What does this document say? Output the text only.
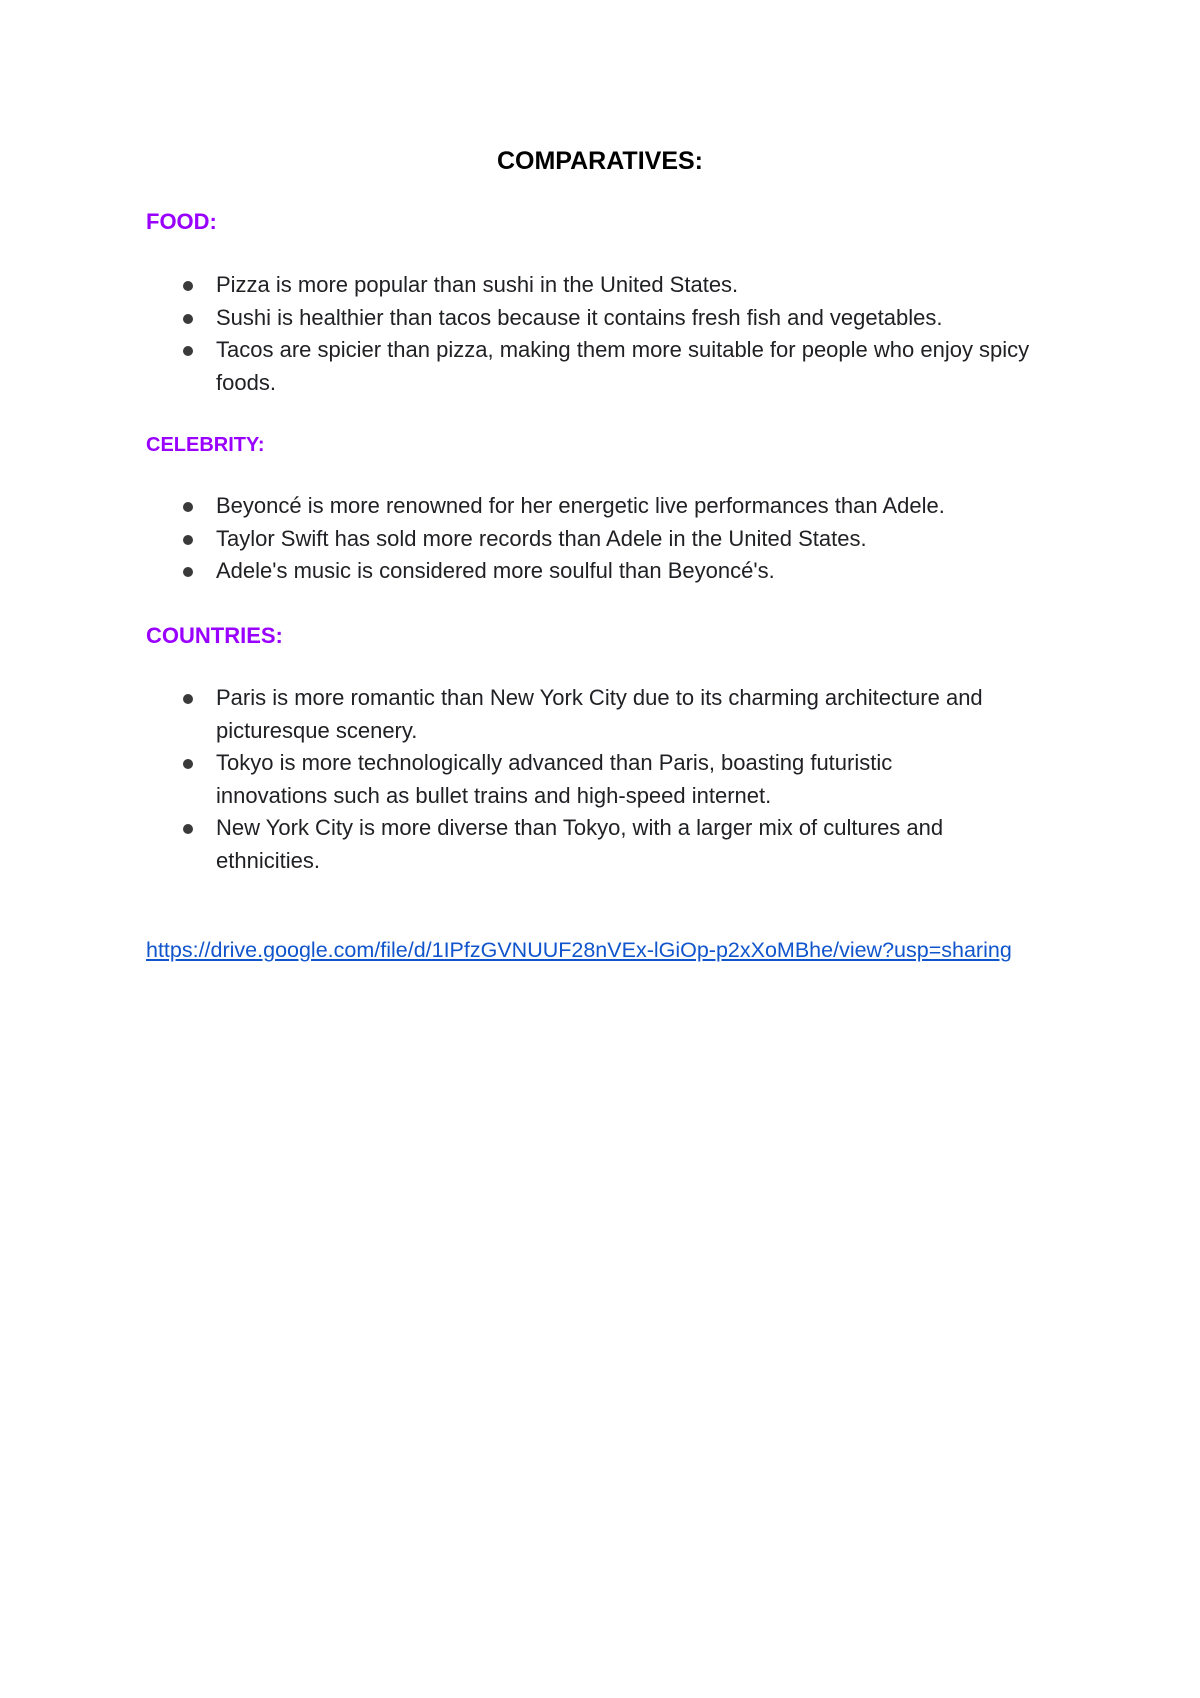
COMPARATIVES:
FOOD:
Pizza is more popular than sushi in the United States.
Sushi is healthier than tacos because it contains fresh fish and vegetables.
Tacos are spicier than pizza, making them more suitable for people who enjoy spicy foods.
CELEBRITY:
Beyoncé is more renowned for her energetic live performances than Adele.
Taylor Swift has sold more records than Adele in the United States.
Adele's music is considered more soulful than Beyoncé's.
COUNTRIES:
Paris is more romantic than New York City due to its charming architecture and picturesque scenery.
Tokyo is more technologically advanced than Paris, boasting futuristic innovations such as bullet trains and high-speed internet.
New York City is more diverse than Tokyo, with a larger mix of cultures and ethnicities.
https://drive.google.com/file/d/1IPfzGVNUUF28nVEx-lGiOp-p2xXoMBhe/view?usp=sharing
